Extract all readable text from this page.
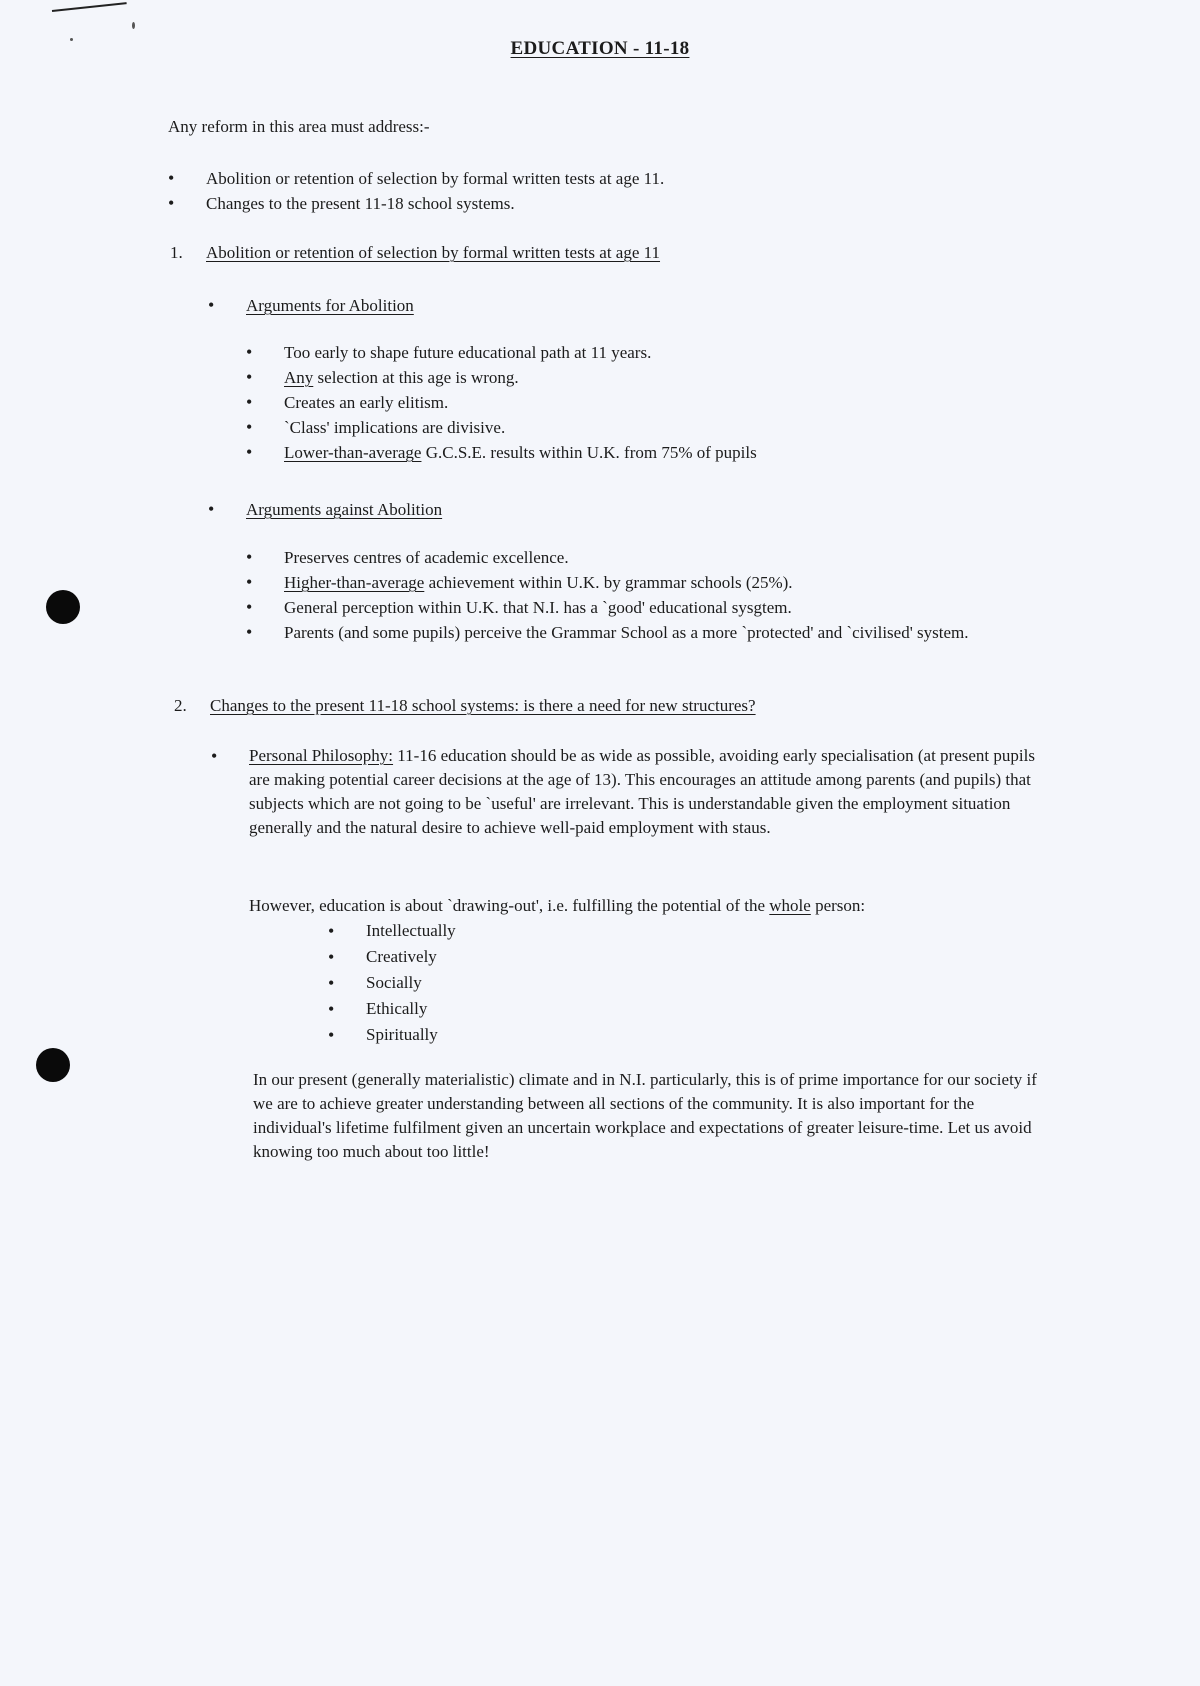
EDUCATION - 11-18

Any reform in this area must address:-

• Abolition or retention of selection by formal written tests at age 11.
• Changes to the present 11-18 school systems.
1. Abolition or retention of selection by formal written tests at age 11
• Arguments for Abolition
• Too early to shape future educational path at 11 years.
• Any selection at this age is wrong.
• Creates an early elitism.
• `Class' implications are divisive.
• Lower-than-average G.C.S.E. results within U.K. from 75% of pupils
• Arguments against Abolition
• Preserves centres of academic excellence.
• Higher-than-average achievement within U.K. by grammar schools (25%).
• General perception within U.K. that N.I. has a `good' educational sysgtem.
• Parents (and some pupils) perceive the Grammar School as a more `protected' and `civilised' system.
2. Changes to the present 11-18 school systems: is there a need for new structures?
• Personal Philosophy: 11-16 education should be as wide as possible, avoiding early specialisation (at present pupils are making potential career decisions at the age of 13). This encourages an attitude among parents (and pupils) that subjects which are not going to be `useful' are irrelevant. This is understandable given the employment situation generally and the natural desire to achieve well-paid employment with staus.

However, education is about `drawing-out', i.e. fulfilling the potential of the whole person:

• Intellectually
• Creatively
• Socially
• Ethically
• Spiritually

In our present (generally materialistic) climate and in N.I. particularly, this is of prime importance for our society if we are to achieve greater understanding between all sections of the community. It is also important for the individual's lifetime fulfilment given an uncertain workplace and expectations of greater leisure-time. Let us avoid knowing too much about too little!
